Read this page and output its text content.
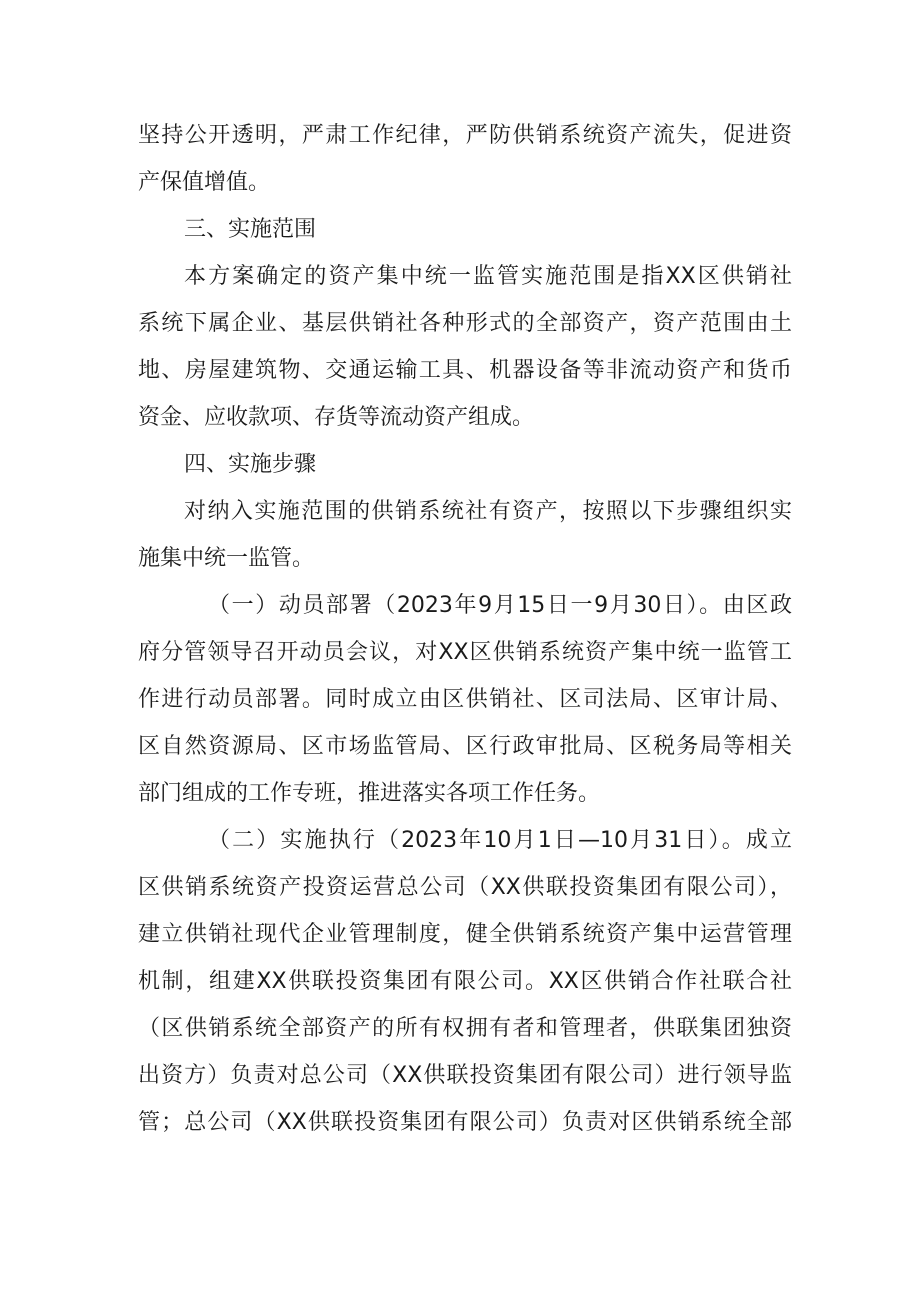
坚持公开透明，严肃工作纪律，严防供销系统资产流失，促进资
产保值增值。
三、实施范围
本方案确定的资产集中统一监管实施范围是指XX区供销社
系统下属企业、基层供销社各种形式的全部资产，资产范围由土
地、房屋建筑物、交通运输工具、机器设备等非流动资产和货币
资金、应收款项、存货等流动资产组成。
四、实施步骤
对纳入实施范围的供销系统社有资产，按照以下步骤组织实
施集中统一监管。
（一）动员部署（2023年9月15日一9月30日）。由区政
府分管领导召开动员会议，对XX区供销系统资产集中统一监管工
作进行动员部署。同时成立由区供销社、区司法局、区审计局、
区自然资源局、区市场监管局、区行政审批局、区税务局等相关
部门组成的工作专班，推进落实各项工作任务。
（二）实施执行（2023年10月1日—10月31日）。成立
区供销系统资产投资运营总公司（XX供联投资集团有限公司），
建立供销社现代企业管理制度，健全供销系统资产集中运营管理
机制，组建XX供联投资集团有限公司。XX区供销合作社联合社
（区供销系统全部资产的所有权拥有者和管理者，供联集团独资
出资方）负责对总公司（XX供联投资集团有限公司）进行领导监
管；总公司（XX供联投资集团有限公司）负责对区供销系统全部
